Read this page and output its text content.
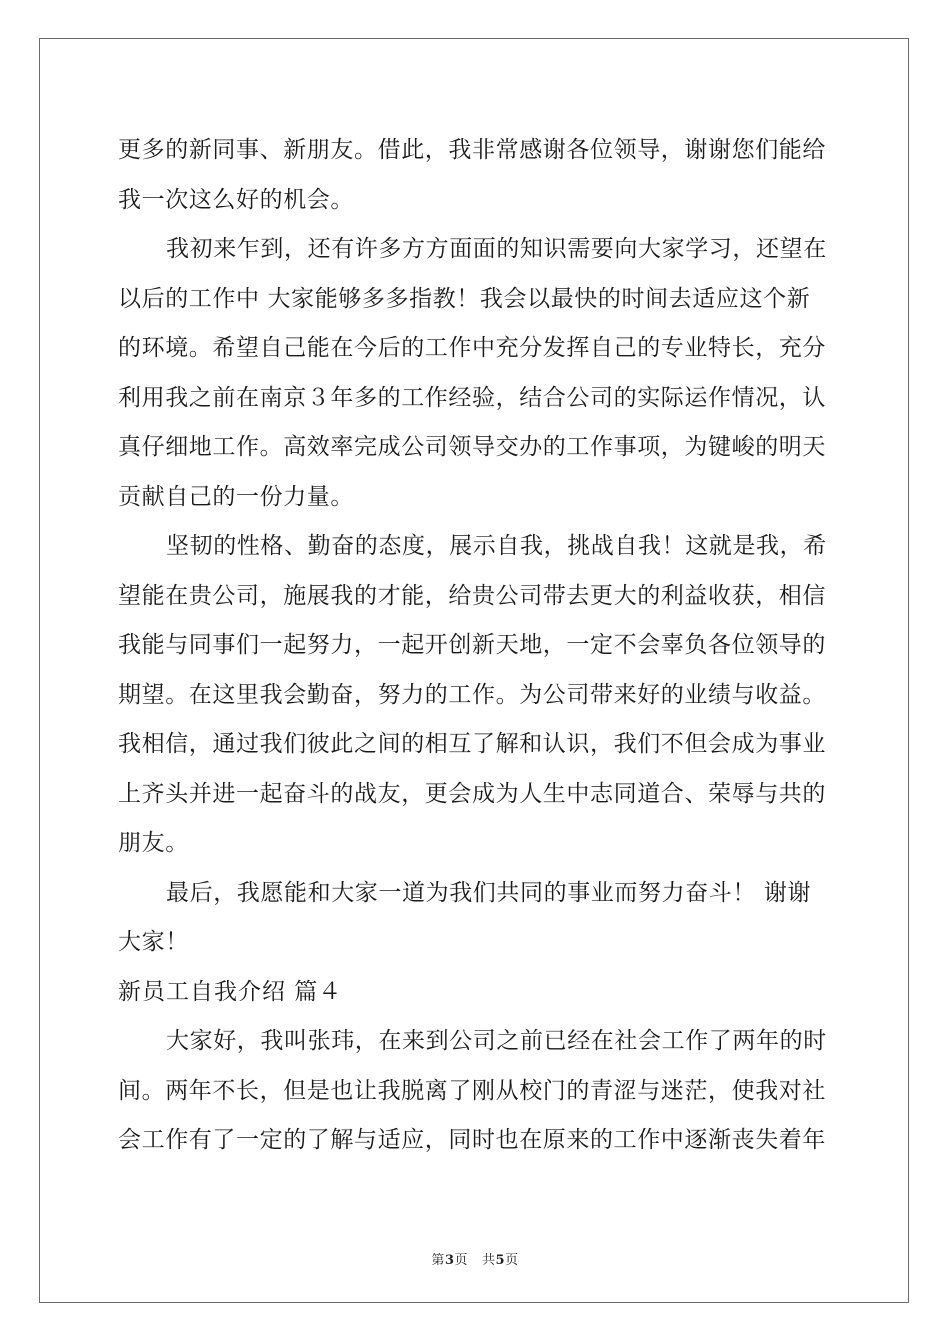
更多的新同事、新朋友。借此，我非常感谢各位领导，谢谢您们能给
我一次这么好的机会。
我初来乍到，还有许多方方面面的知识需要向大家学习，还望在
以后的工作中 大家能够多多指教！我会以最快的时间去适应这个新
的环境。希望自己能在今后的工作中充分发挥自己的专业特长，充分
利用我之前在南京３年多的工作经验，结合公司的实际运作情况，认
真仔细地工作。高效率完成公司领导交办的工作事项，为键峻的明天
贡献自己的一份力量。
坚韧的性格、勤奋的态度，展示自我，挑战自我！这就是我，希
望能在贵公司，施展我的才能，给贵公司带去更大的利益收获，相信
我能与同事们一起努力，一起开创新天地，一定不会辜负各位领导的
期望。在这里我会勤奋，努力的工作。为公司带来好的业绩与收益。
我相信，通过我们彼此之间的相互了解和认识，我们不但会成为事业
上齐头并进一起奋斗的战友，更会成为人生中志同道合、荣辱与共的
朋友。
最后，我愿能和大家一道为我们共同的事业而努力奋斗！ 谢谢
大家！
新员工自我介绍 篇４
大家好，我叫张玮，在来到公司之前已经在社会工作了两年的时
间。两年不长，但是也让我脱离了刚从校门的青涩与迷茫，使我对社
会工作有了一定的了解与适应，同时也在原来的工作中逐渐丧失着年
第3页 共5页
